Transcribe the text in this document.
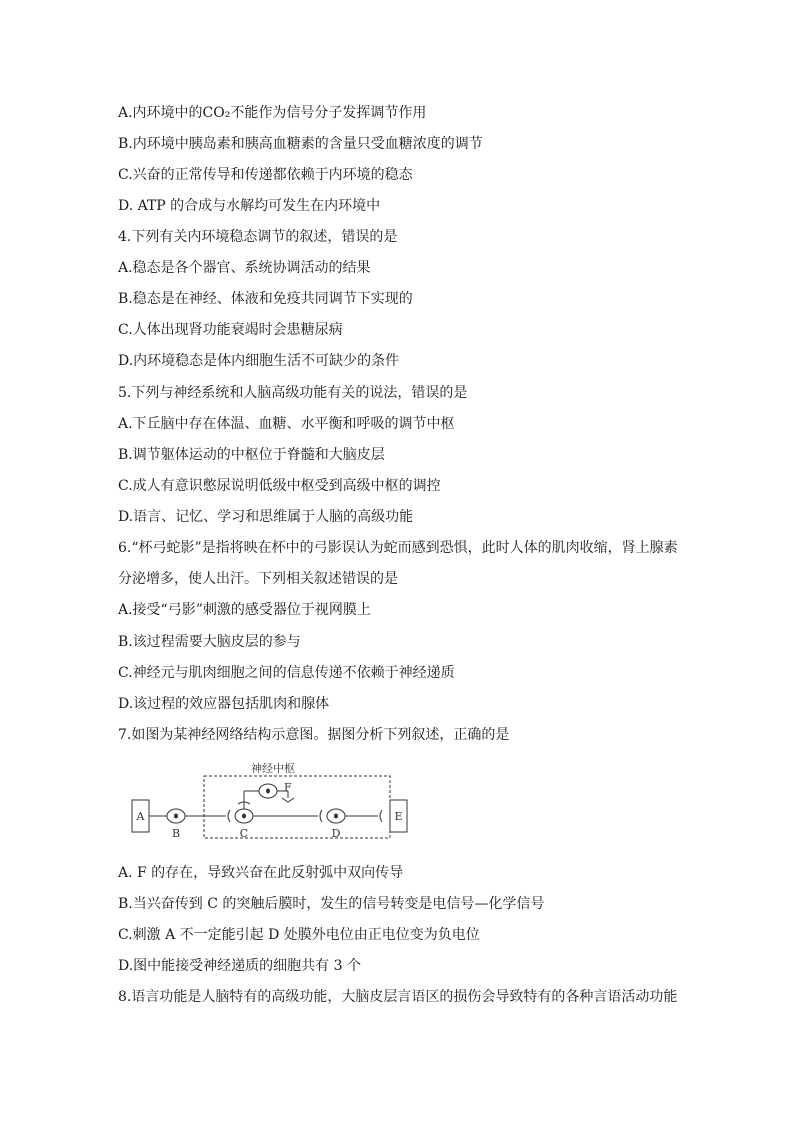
A.内环境中的CO₂不能作为信号分子发挥调节作用
B.内环境中胰岛素和胰高血糖素的含量只受血糖浓度的调节
C.兴奋的正常传导和传递都依赖于内环境的稳态
D. ATP 的合成与水解均可发生在内环境中
4.下列有关内环境稳态调节的叙述，错误的是
A.稳态是各个器官、系统协调活动的结果
B.稳态是在神经、体液和免疫共同调节下实现的
C.人体出现肾功能衰竭时会患糖尿病
D.内环境稳态是体内细胞生活不可缺少的条件
5.下列与神经系统和人脑高级功能有关的说法，错误的是
A.下丘脑中存在体温、血糖、水平衡和呼吸的调节中枢
B.调节躯体运动的中枢位于脊髓和大脑皮层
C.成人有意识憋尿说明低级中枢受到高级中枢的调控
D.语言、记忆、学习和思维属于人脑的高级功能
6.“杯弓蛇影”是指将映在杯中的弓影误认为蛇而感到恐惧，此时人体的肌肉收缩，肾上腺素
分泌增多，使人出汗。下列相关叙述错误的是
A.接受“弓影”刺激的感受器位于视网膜上
B.该过程需要大脑皮层的参与
C.神经元与肌肉细胞之间的信息传递不依赖于神经递质
D.该过程的效应器包括肌肉和腺体
7.如图为某神经网络结构示意图。据图分析下列叙述，正确的是
神经中枢
A
B	C
F
D
E
A. F 的存在，导致兴奋在此反射弧中双向传导
B.当兴奋传到 C 的突触后膜时，发生的信号转变是电信号—化学信号
C.刺激 A 不一定能引起 D 处膜外电位由正电位变为负电位
D.图中能接受神经递质的细胞共有 3 个
8.语言功能是人脑特有的高级功能，大脑皮层言语区的损伤会导致特有的各种言语活动功能
